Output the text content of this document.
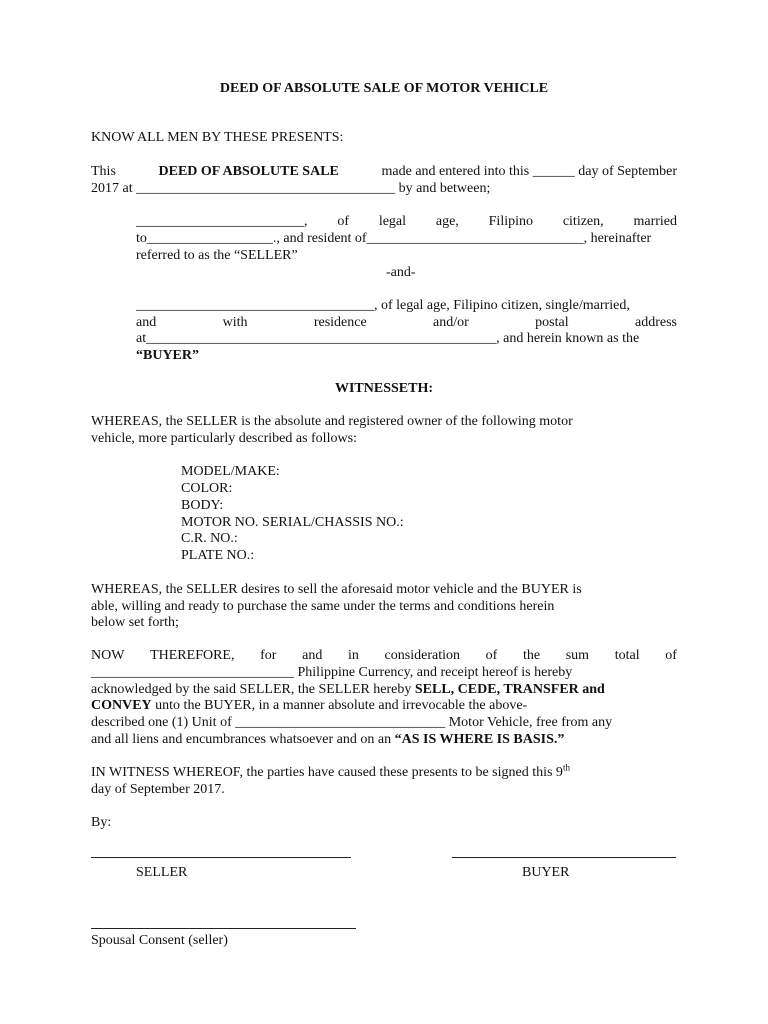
DEED OF ABSOLUTE SALE OF MOTOR VEHICLE
KNOW ALL MEN BY THESE PRESENTS:
This	DEED OF ABSOLUTE SALE	made and entered into this ______ day of September
2017 at _____________________________________ by and between;
________________________, of legal age, Filipino citizen, married
to__________________., and resident of_______________________________, hereinafter
referred to as the “SELLER”
-and-
__________________________________, of legal age, Filipino citizen, single/married,
and	with	residence	and/or	postal	address
at__________________________________________________, and herein known as the
“BUYER”
WITNESSETH:
WHEREAS, the SELLER is the absolute and registered owner of the following motor
vehicle, more particularly described as follows:
MODEL/MAKE:
COLOR:
BODY:
MOTOR NO. SERIAL/CHASSIS NO.:
C.R. NO.:
PLATE NO.:
WHEREAS, the SELLER desires to sell the aforesaid motor vehicle and the BUYER is
able, willing and ready to purchase the same under the terms and conditions herein
below set forth;
NOW THEREFORE, for and in consideration of the sum total of
_____________________________ Philippine Currency, and receipt hereof is hereby
acknowledged by the said SELLER, the SELLER hereby SELL, CEDE, TRANSFER and
CONVEY unto the BUYER, in a manner absolute and irrevocable the above-
described one (1) Unit of ______________________________ Motor Vehicle, free from any
and all liens and encumbrances whatsoever and on an “AS IS WHERE IS BASIS.”
IN WITNESS WHEREOF, the parties have caused these presents to be signed this 9th
day of September 2017.
By:
SELLER	BUYER
Spousal Consent (seller)
